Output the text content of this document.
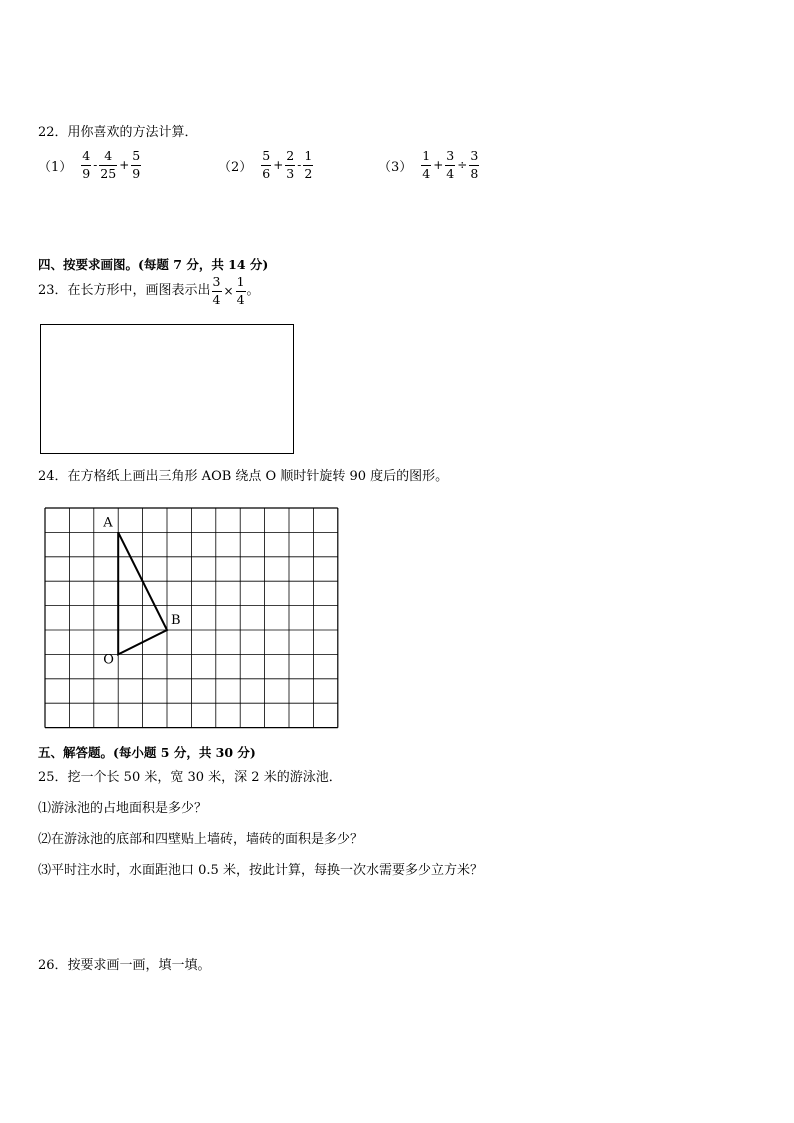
22．用你喜欢的方法计算．
$(1) \frac{4}{9} - \frac{4}{25} + \frac{5}{9}$	$(2) \frac{5}{6} + \frac{2}{3} - \frac{1}{2}$	$(3) \frac{1}{4} + \frac{3}{4} \div \frac{3}{8}$
四、按要求画图。(每题 7 分，共 14 分)
23．在长方形中，画图表示出 $\frac{3}{4} \times \frac{1}{4}$ 。
24．在方格纸上画出三角形 AOB 绕点 O 顺时针旋转 90 度后的图形。
A
B
O
五、解答题。(每小题 5 分，共 30 分)
25．挖一个长 50 米，宽 30 米，深 2 米的游泳池．
⑴游泳池的占地面积是多少？
⑵在游泳池的底部和四壁贴上墙砖，墙砖的面积是多少？
⑶平时注水时，水面距池口 0.5 米，按此计算，每换一次水需要多少立方米？
26．按要求画一画，填一填。
